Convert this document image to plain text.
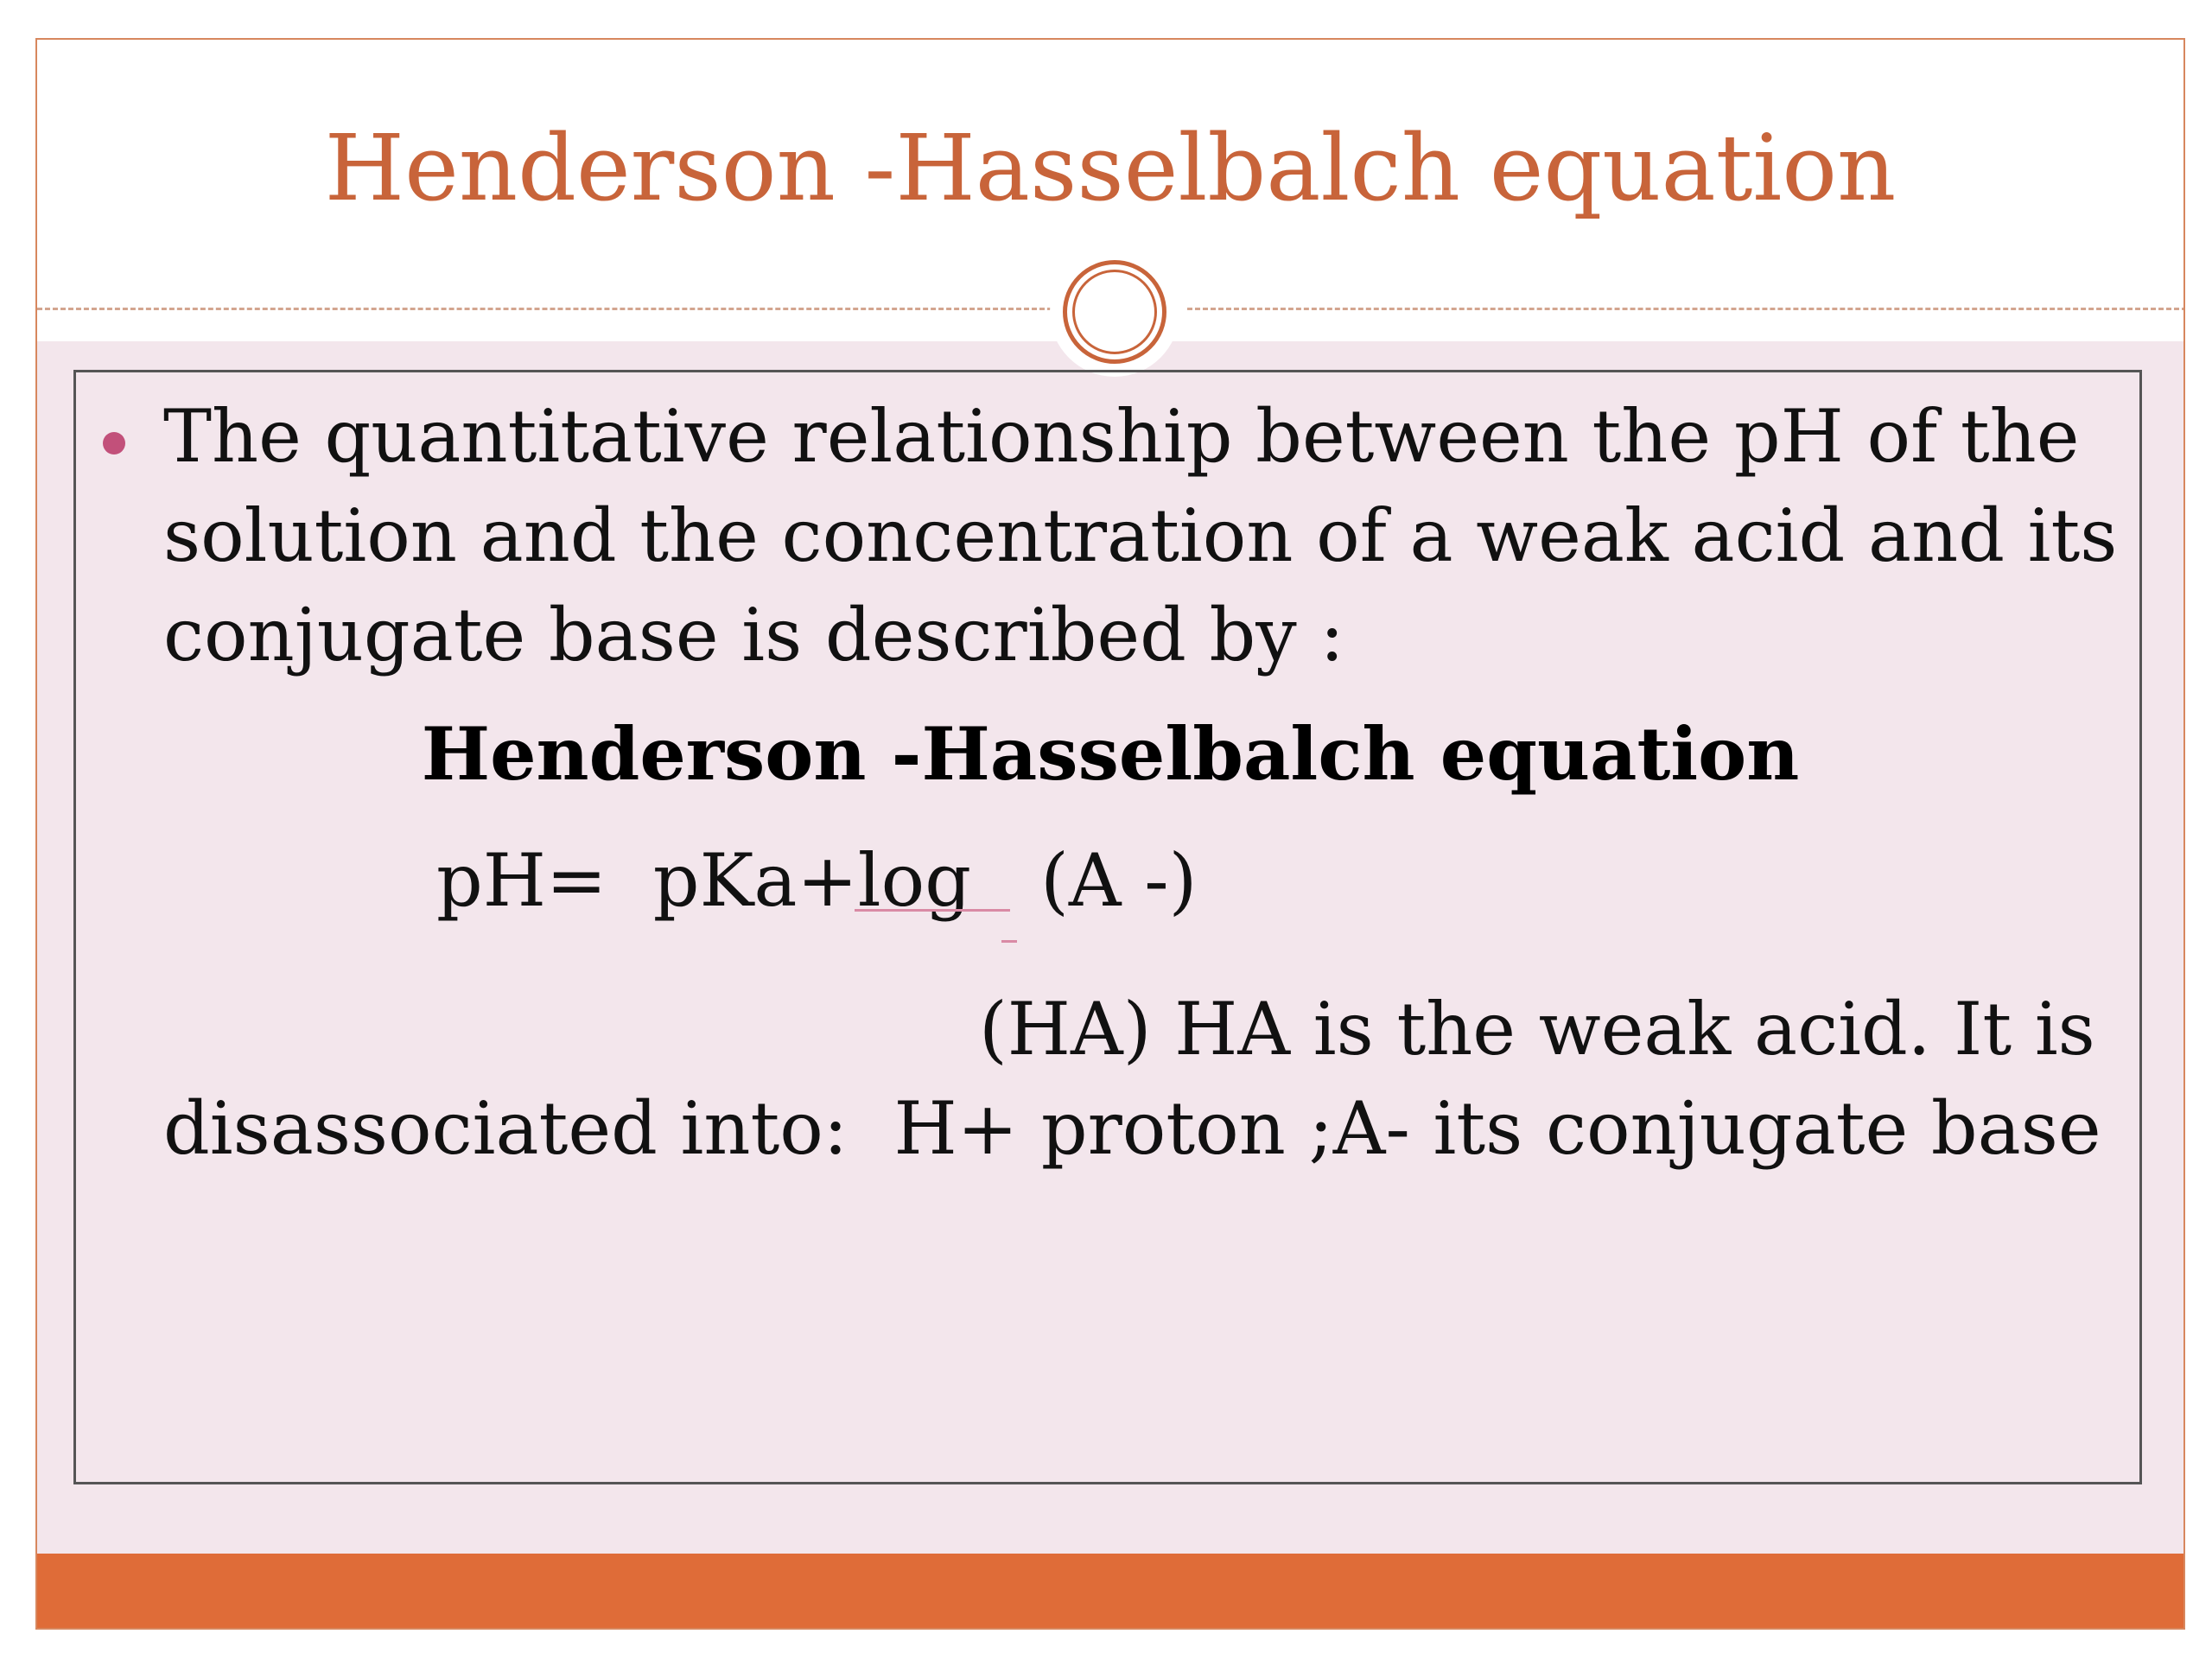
Henderson -Hasselbalch equation
The quantitative relationship between the pH of the
solution and the concentration of a weak acid and its
conjugate base is described by :
Henderson -Hasselbalch equation
pH=  pKa+log   (A -)
(HA) HA is the weak acid. It is
disassociated into:  H+ proton ;A- its conjugate base
